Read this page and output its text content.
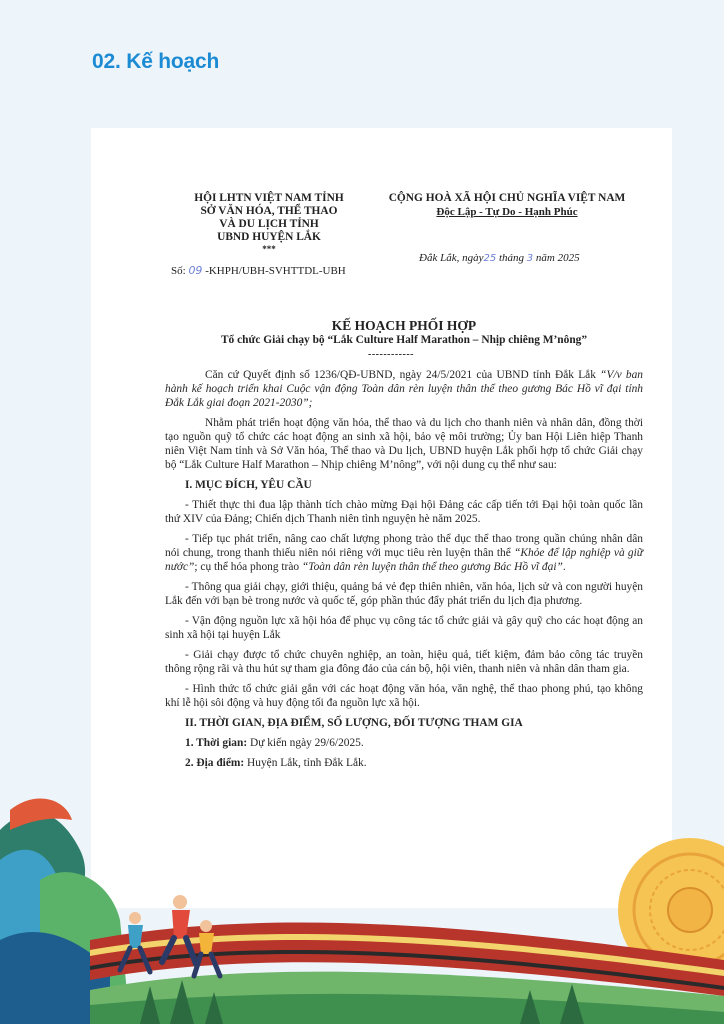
02. Kế hoạch
HỘI LHTN VIỆT NAM TỈNH
SỞ VĂN HÓA, THỂ THAO
VÀ DU LỊCH TỈNH
UBND HUYỆN LẮK
***
CỘNG HOÀ XÃ HỘI CHỦ NGHĨA VIỆT NAM
Độc Lập - Tự Do - Hạnh Phúc
Số: 09 -KHPH/UBH-SVHTTDL-UBH
Đắk Lắk, ngày25 tháng 3 năm 2025
KẾ HOẠCH PHỐI HỢP
Tổ chức Giải chạy bộ “Lắk Culture Half Marathon – Nhịp chiêng M’nông”
------------

Căn cứ Quyết định số 1236/QĐ-UBND, ngày 24/5/2021 của UBND tỉnh Đắk Lắk “V/v ban hành kế hoạch triển khai Cuộc vận động Toàn dân rèn luyện thân thể theo gương Bác Hồ vĩ đại tỉnh Đắk Lắk giai đoạn 2021-2030”;

Nhằm phát triển hoạt động văn hóa, thể thao và du lịch cho thanh niên và nhân dân, đồng thời tạo nguồn quỹ tổ chức các hoạt động an sinh xã hội, bảo vệ môi trường; Ủy ban Hội Liên hiệp Thanh niên Việt Nam tỉnh và Sở Văn hóa, Thể thao và Du lịch, UBND huyện Lắk phối hợp tổ chức Giải chạy bộ “Lắk Culture Half Marathon – Nhịp chiêng M’nông”, với nội dung cụ thể như sau:

I. MỤC ĐÍCH, YÊU CẦU

- Thiết thực thi đua lập thành tích chào mừng Đại hội Đảng các cấp tiến tới Đại hội toàn quốc lần thứ XIV của Đảng; Chiến dịch Thanh niên tình nguyện hè năm 2025.

- Tiếp tục phát triển, nâng cao chất lượng phong trào thể dục thể thao trong quần chúng nhân dân nói chung, trong thanh thiếu niên nói riêng với mục tiêu rèn luyện thân thể “Khỏe để lập nghiệp và giữ nước”; cụ thể hóa phong trào “Toàn dân rèn luyện thân thể theo gương Bác Hồ vĩ đại”.

- Thông qua giải chạy, giới thiệu, quảng bá vẻ đẹp thiên nhiên, văn hóa, lịch sử và con người huyện Lắk đến với bạn bè trong nước và quốc tế, góp phần thúc đẩy phát triển du lịch địa phương.

- Vận động nguồn lực xã hội hóa để phục vụ công tác tổ chức giải và gây quỹ cho các hoạt động an sinh xã hội tại huyện Lắk

- Giải chạy được tổ chức chuyên nghiệp, an toàn, hiệu quả, tiết kiệm, đảm bảo công tác truyền thông rộng rãi và thu hút sự tham gia đông đảo của cán bộ, hội viên, thanh niên và nhân dân tham gia.

- Hình thức tổ chức giải gắn với các hoạt động văn hóa, văn nghệ, thể thao phong phú, tạo không khí lễ hội sôi động và huy động tối đa nguồn lực xã hội.

II. THỜI GIAN, ĐỊA ĐIỂM, SỐ LƯỢNG, ĐỐI TƯỢNG THAM GIA

1. Thời gian: Dự kiến ngày 29/6/2025.

2. Địa điểm: Huyện Lắk, tỉnh Đắk Lắk.
